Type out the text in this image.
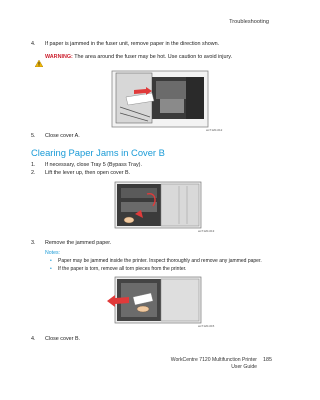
Troubleshooting
4. If paper is jammed in the fuser unit, remove paper in the direction shown.
WARNING: The area around the fuser may be hot. Use caution to avoid injury.
wc7120-012
5. Close cover A.
Clearing Paper Jams in Cover B
1. If necessary, close Tray 5 (Bypass Tray).
2. Lift the lever up, then open cover B.
wc7120-013
3. Remove the jammed paper.
Notes:
• Paper may be jammed inside the printer. Inspect thoroughly and remove any jammed paper.
• If the paper is torn, remove all torn pieces from the printer.
wc7120-015
4. Close cover B.
WorkCentre 7120 Multifunction Printer
User Guide
185
